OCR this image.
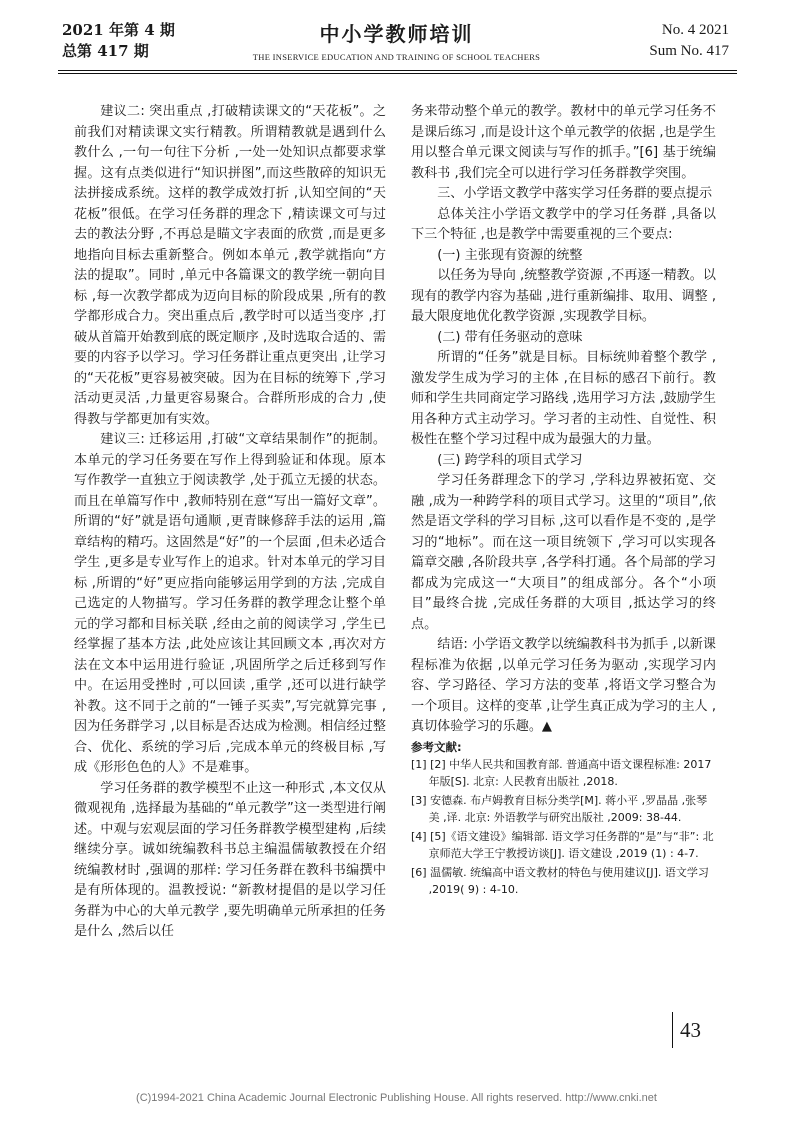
2021 年第 4 期
总第 417 期
中小学教师培训
THE INSERVICE EDUCATION AND TRAINING OF SCHOOL TEACHERS
No. 4 2021
Sum No. 417

建议二: 突出重点 ,打破精读课文的“天花板”。之前我们对精读课文实行精教。所谓精教就是遇到什么教什么 ,一句一句往下分析 ,一处一处知识点都要求掌握。这有点类似进行“知识拼图”,而这些散碎的知识无法拼接成系统。这样的教学成效打折 ,认知空间的“天花板”很低。在学习任务群的理念下 ,精读课文可与过去的教法分野 ,不再总是瞄文字表面的欣赏 ,而是更多地指向目标去重新整合。例如本单元 ,教学就指向“方法的提取”。同时 ,单元中各篇课文的教学统一朝向目标 ,每一次教学都成为迈向目标的阶段成果 ,所有的教学都形成合力。突出重点后 ,教学时可以适当变序 ,打破从首篇开始教到底的既定顺序 ,及时选取合适的、需要的内容予以学习。学习任务群让重点更突出 ,让学习的“天花板”更容易被突破。因为在目标的统筹下 ,学习活动更灵活 ,力量更容易聚合。合群所形成的合力 ,使得教与学都更加有实效。

建议三: 迁移运用 ,打破“文章结果制作”的扼制。本单元的学习任务要在写作上得到验证和体现。原本写作教学一直独立于阅读教学 ,处于孤立无援的状态。而且在单篇写作中 ,教师特别在意“写出一篇好文章”。所谓的“好”就是语句通顺 ,更青睐修辞手法的运用 ,篇章结构的精巧。这固然是“好”的一个层面 ,但未必适合学生 ,更多是专业写作上的追求。针对本单元的学习目标 ,所谓的“好”更应指向能够运用学到的方法 ,完成自己选定的人物描写。学习任务群的教学理念让整个单元的学习都和目标关联 ,经由之前的阅读学习 ,学生已经掌握了基本方法 ,此处应该让其回顾文本 ,再次对方法在文本中运用进行验证 ,巩固所学之后迁移到写作中。在运用受挫时 ,可以回读 ,重学 ,还可以进行缺学补教。这不同于之前的“一锤子买卖”,写完就算完事 ,因为任务群学习 ,以目标是否达成为检测。相信经过整合、优化、系统的学习后 ,完成本单元的终极目标 ,写成《形形色色的人》不是难事。

学习任务群的教学模型不止这一种形式 ,本文仅从微观视角 ,选择最为基础的“单元教学”这一类型进行阐述。中观与宏观层面的学习任务群教学模型建构 ,后续继续分享。诚如统编教科书总主编温儒敏教授在介绍统编教材时 ,强调的那样: 学习任务群在教科书编撰中是有所体现的。温教授说: “新教材提倡的是以学习任务群为中心的大单元教学 ,要先明确单元所承担的任务是什么 ,然后以任

务来带动整个单元的教学。教材中的单元学习任务不是课后练习 ,而是设计这个单元教学的依据 ,也是学生用以整合单元课文阅读与写作的抓手。”[6] 基于统编教科书 ,我们完全可以进行学习任务群教学突围。

三、小学语文教学中落实学习任务群的要点提示

总体关注小学语文教学中的学习任务群 ,具备以下三个特征 ,也是教学中需要重视的三个要点:

(一) 主张现有资源的统整

以任务为导向 ,统整教学资源 ,不再逐一精教。以现有的教学内容为基础 ,进行重新编排、取用、调整 ,最大限度地优化教学资源 ,实现教学目标。

(二) 带有任务驱动的意味

所谓的“任务”就是目标。目标统帅着整个教学 ,激发学生成为学习的主体 ,在目标的感召下前行。教师和学生共同商定学习路线 ,选用学习方法 ,鼓励学生用各种方式主动学习。学习者的主动性、自觉性、积极性在整个学习过程中成为最强大的力量。

(三) 跨学科的项目式学习

学习任务群理念下的学习 ,学科边界被拓宽、交融 ,成为一种跨学科的项目式学习。这里的“项目”,依然是语文学科的学习目标 ,这可以看作是不变的 ,是学习的“地标”。而在这一项目统领下 ,学习可以实现各篇章交融 ,各阶段共享 ,各学科打通。各个局部的学习都成为完成这一“大项目”的组成部分。各个“小项目”最终合拢 ,完成任务群的大项目 ,抵达学习的终点。

结语: 小学语文教学以统编教科书为抓手 ,以新课程标准为依据 ,以单元学习任务为驱动 ,实现学习内容、学习路径、学习方法的变革 ,将语文学习整合为一个项目。这样的变革 ,让学生真正成为学习的主人 ,真切体验学习的乐趣。▲

参考文献:

[1] [2] 中华人民共和国教育部. 普通高中语文课程标准: 2017 年版[S]. 北京: 人民教育出版社 ,2018.
[3] 安德森. 布卢姆教育目标分类学[M]. 蒋小平 ,罗晶晶 ,张琴美 ,译. 北京: 外语教学与研究出版社 ,2009: 38-44.
[4] [5]《语文建设》编辑部. 语文学习任务群的“是”与“非”: 北京师范大学王宁教授访谈[J]. 语文建设 ,2019 (1) : 4-7.
[6] 温儒敏. 统编高中语文教材的特色与使用建议[J]. 语文学习 ,2019( 9) : 4-10.
43
(C)1994-2021 China Academic Journal Electronic Publishing House. All rights reserved. http://www.cnki.net
